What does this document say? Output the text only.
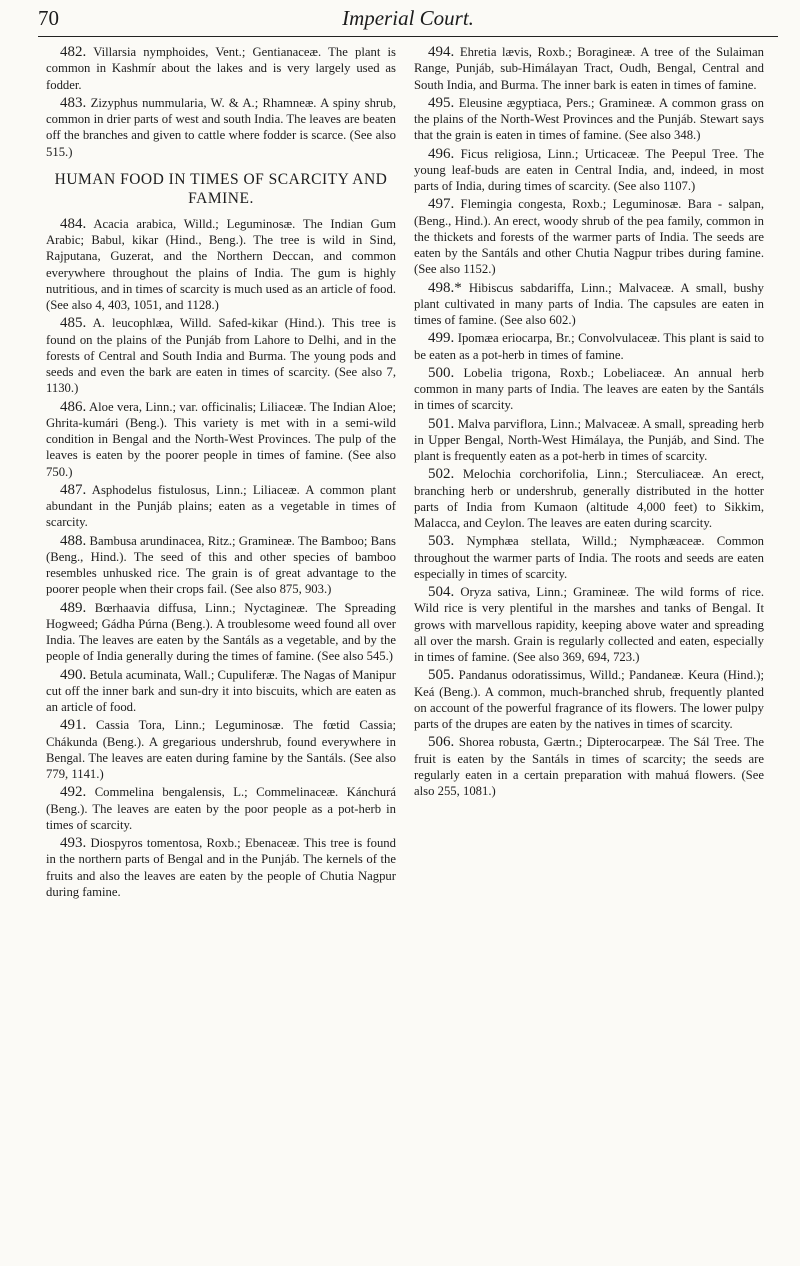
70	Imperial Court.

482. Villarsia nymphoides, Vent.; Gentianaceæ. The plant is common in Kashmír about the lakes and is very largely used as fodder.

483. Zizyphus nummularia, W. & A.; Rhamneæ. A spiny shrub, common in drier parts of west and south India. The leaves are beaten off the branches and given to cattle where fodder is scarce. (See also 515.)

HUMAN FOOD IN TIMES OF SCARCITY AND FAMINE.

484. Acacia arabica, Willd.; Leguminosæ. The Indian Gum Arabic; Babul, kikar (Hind., Beng.). The tree is wild in Sind, Rajputana, Guzerat, and the Northern Deccan, and common everywhere throughout the plains of India. The gum is highly nutritious, and in times of scarcity is much used as an article of food. (See also 4, 403, 1051, and 1128.)

485. A. leucophlæa, Willd. Safed-kikar (Hind.). This tree is found on the plains of the Punjáb from Lahore to Delhi, and in the forests of Central and South India and Burma. The young pods and seeds and even the bark are eaten in times of scarcity. (See also 7, 1130.)

486. Aloe vera, Linn.; var. officinalis; Liliaceæ. The Indian Aloe; Ghrita-kumári (Beng.). This variety is met with in a semi-wild condition in Bengal and the North-West Provinces. The pulp of the leaves is eaten by the poorer people in times of famine. (See also 750.)

487. Asphodelus fistulosus, Linn.; Liliaceæ. A common plant abundant in the Punjáb plains; eaten as a vegetable in times of scarcity.

488. Bambusa arundinacea, Ritz.; Gramineæ. The Bamboo; Bans (Beng., Hind.). The seed of this and other species of bamboo resembles unhusked rice. The grain is of great advantage to the poorer people when their crops fail. (See also 875, 903.)

489. Bœrhaavia diffusa, Linn.; Nyctagineæ. The Spreading Hogweed; Gádha Púrna (Beng.). A troublesome weed found all over India. The leaves are eaten by the Santáls as a vegetable, and by the people of India generally during the times of famine. (See also 545.)

490. Betula acuminata, Wall.; Cupuliferæ. The Nagas of Manipur cut off the inner bark and sun-dry it into biscuits, which are eaten as an article of food.

491. Cassia Tora, Linn.; Leguminosæ. The fœtid Cassia; Chákunda (Beng.). A gregarious undershrub, found everywhere in Bengal. The leaves are eaten during famine by the Santáls. (See also 779, 1141.)

492. Commelina bengalensis, L.; Commelinaceæ. Kánchurá (Beng.). The leaves are eaten by the poor people as a pot-herb in times of scarcity.

493. Diospyros tomentosa, Roxb.; Ebenaceæ. This tree is found in the northern parts of Bengal and in the Punjáb. The kernels of the fruits and also the leaves are eaten by the people of Chutia Nagpur during famine.

494. Ehretia lævis, Roxb.; Boragineæ. A tree of the Sulaiman Range, Punjáb, sub-Himálayan Tract, Oudh, Bengal, Central and South India, and Burma. The inner bark is eaten in times of famine.

495. Eleusine ægyptiaca, Pers.; Gramineæ. A common grass on the plains of the North-West Provinces and the Punjáb. Stewart says that the grain is eaten in times of famine. (See also 348.)

496. Ficus religiosa, Linn.; Urticaceæ. The Peepul Tree. The young leaf-buds are eaten in Central India, and, indeed, in most parts of India, during times of scarcity. (See also 1107.)

497. Flemingia congesta, Roxb.; Leguminosæ. Bara - salpan, (Beng., Hind.). An erect, woody shrub of the pea family, common in the thickets and forests of the warmer parts of India. The seeds are eaten by the Santáls and other Chutia Nagpur tribes during famine. (See also 1152.)

498.* Hibiscus sabdariffa, Linn.; Malvaceæ. A small, bushy plant cultivated in many parts of India. The capsules are eaten in times of famine. (See also 602.)

499. Ipomæa eriocarpa, Br.; Convolvulaceæ. This plant is said to be eaten as a pot-herb in times of famine.

500. Lobelia trigona, Roxb.; Lobeliaceæ. An annual herb common in many parts of India. The leaves are eaten by the Santáls in times of scarcity.

501. Malva parviflora, Linn.; Malvaceæ. A small, spreading herb in Upper Bengal, North-West Himálaya, the Punjáb, and Sind. The plant is frequently eaten as a pot-herb in times of scarcity.

502. Melochia corchorifolia, Linn.; Sterculiaceæ. An erect, branching herb or undershrub, generally distributed in the hotter parts of India from Kumaon (altitude 4,000 feet) to Sikkim, Malacca, and Ceylon. The leaves are eaten during scarcity.

503. Nymphæa stellata, Willd.; Nymphæaceæ. Common throughout the warmer parts of India. The roots and seeds are eaten especially in times of scarcity.

504. Oryza sativa, Linn.; Gramineæ. The wild forms of rice. Wild rice is very plentiful in the marshes and tanks of Bengal. It grows with marvellous rapidity, keeping above water and spreading all over the marsh. Grain is regularly collected and eaten, especially in times of famine. (See also 369, 694, 723.)

505. Pandanus odoratissimus, Willd.; Pandaneæ. Keura (Hind.); Keá (Beng.). A common, much-branched shrub, frequently planted on account of the powerful fragrance of its flowers. The lower pulpy parts of the drupes are eaten by the natives in times of scarcity.

506. Shorea robusta, Gærtn.; Dipterocarpeæ. The Sál Tree. The fruit is eaten by the Santáls in times of scarcity; the seeds are regularly eaten in a certain preparation with mahuá flowers. (See also 255, 1081.)
